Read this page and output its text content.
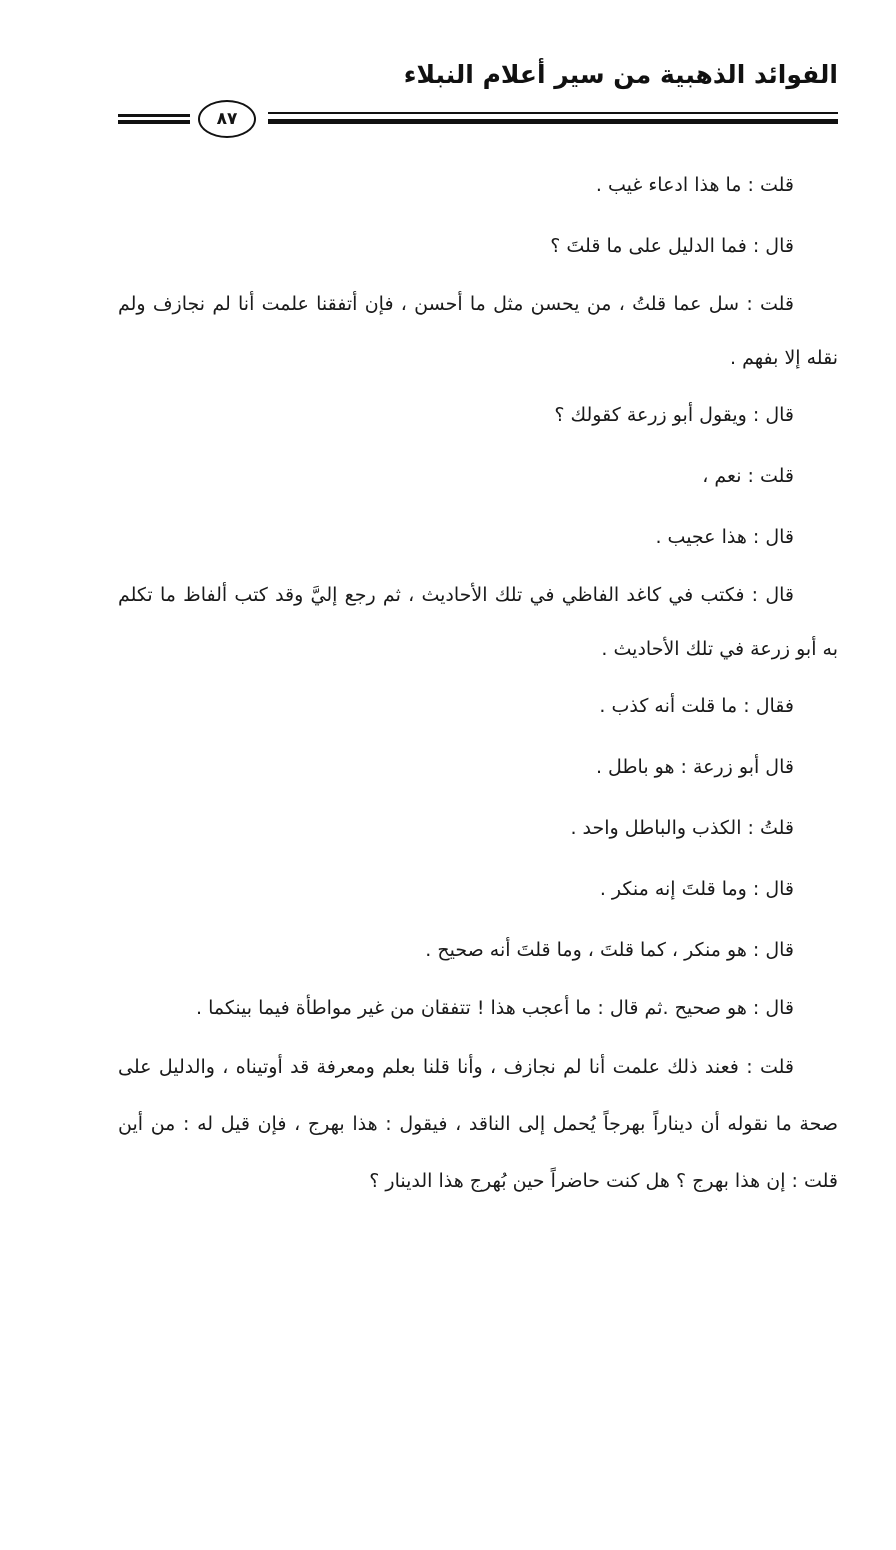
الفوائد الذهبية من سير أعلام النبلاء
٨٧

قلت : ما هذا ادعاء غيب .

قال : فما الدليل على ما قلتَ ؟

قلت : سل عما قلتُ ، من يحسن مثل ما أحسن ، فإن أتفقنا علمت أنا لم نجازف ولم نقله إلا بفهم .

قال : ويقول أبو زرعة كقولك ؟

قلت : نعم ،

قال : هذا عجيب .

قال : فكتب في كاغد الفاظي في تلك الأحاديث ، ثم رجع إليَّ وقد كتب ألفاظ ما تكلم به أبو زرعة في تلك الأحاديث .

فقال : ما قلت أنه كذب .

قال أبو زرعة : هو باطل .

قلتُ : الكذب والباطل واحد .

قال : وما قلتَ إنه منكر .

قال : هو منكر ، كما قلتَ ، وما قلتَ أنه صحيح .

قال : هو صحيح .ثم قال : ما أعجب هذا ! تتفقان من غير مواطأة فيما بينكما .

قلت : فعند ذلك علمت أنا لم نجازف ، وأنا قلنا بعلم ومعرفة قد أوتيناه ، والدليل على صحة ما نقوله أن ديناراً بهرجاً يُحمل إلى الناقد ، فيقول : هذا بهرج ، فإن قيل له : من أين قلت : إن هذا بهرج ؟ هل كنت حاضراً حين بُهرج هذا الدينار ؟
